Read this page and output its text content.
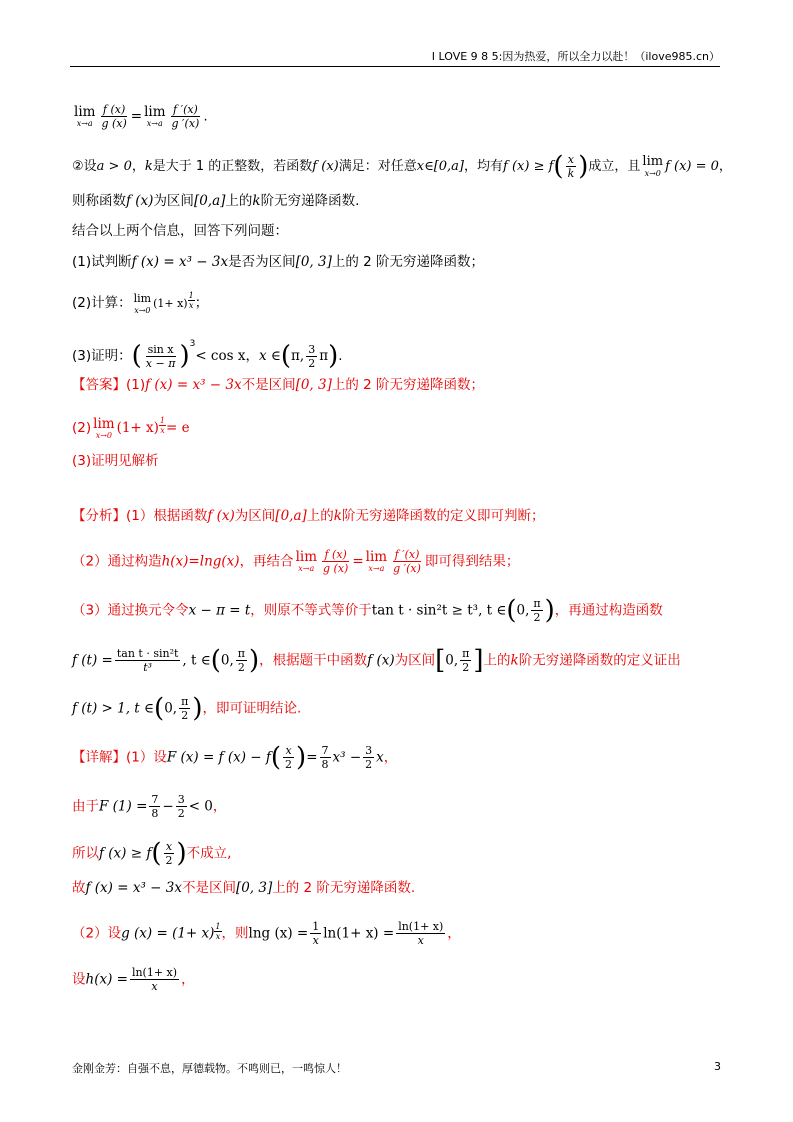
I LOVE 9 8 5:因为热爱，所以全力以赴！（ilove985.cn）
lim
$x\to a \frac{f (x)}{g (x)} = \lim$
$x\to a \frac{f '(x)}{g '(x)}$ .
②设a > 0，k是大于 1 的正整数，若函数f (x)满足：对任意x∈[0,a]，均有f $(x) \ge f( \frac{x}{k}$ )成立，且 lim
x→0 f (x) = 0，
则称函数f (x)为区间[0,a]上的k阶无穷递降函数.
结合以上两个信息，回答下列问题：
(1)试判断f (x) = x³ − 3x是否为区间[0, 3]上的 2 阶无穷递降函数；
(2)计算： lim
x→0 $(1+ x) \frac{1}{x}$ ；
(3)证明：( $\frac{\text{sin x}}{x - \pi} )^3< \cos x$，x ∈(π, $\frac{3}{2} \pi$).
【答案】(1)f (x) = x³ − 3x不是区间[0, 3]上的 2 阶无穷递降函数；
(2) lim
x→0 $(1+ x) \frac{1}{x} = e$
(3)证明见解析
【分析】(1）根据函数f (x)为区间[0,a]上的k阶无穷递降函数的定义即可判断；
（2）通过构造h(x)=lng(x)，再结合 lim
$x\to a \frac{f (x)}{g (x)} = \lim$
$x\to a \frac{f '(x)}{g '(x)}$ 即可得到结果；
（3）通过换元令令x − π = t，则原不等式等价于tan t · sin²t ≥ t³, t ∈(0, $\frac{\pi}{2}$ )，再通过构造函数
f $(t) = \frac{\text{tan t · sin²t}}{\text{t³}}$ , t ∈(0, $\frac{\pi}{2}$ )，根据题干中函数f (x)为区间[0, $\frac{\pi}{2}$ ]上的k阶无穷递降函数的定义证出
f (t) > 1, t ∈(0, $\frac{\pi}{2}$ )，即可证明结论.
【详解】(1）设F (x) = f $(x) - f( \frac{x}{2}$ )= $\frac{7}{8} x^3 - \frac{3}{2}$ x，
由于F $(1) = \frac{7}{8} - \frac{3}{2} < 0$，
所以f $(x) \ge f( \frac{x}{2}$ )不成立,
故f (x) = x³ − 3x不是区间[0, 3]上的 2 阶无穷递降函数.
（2）设g $(x) = (1+ x) \frac{1}{x}$ ，则lng $(x) = \frac{1}{x} \ln(1+ x) = \frac{\ln(1+ x)}{x}$ ，
设$h(x) = \frac{\ln(1+ x)}{x}$ ，
金刚金芳：自强不息，厚德载物。不鸣则已，一鸣惊人！	3
